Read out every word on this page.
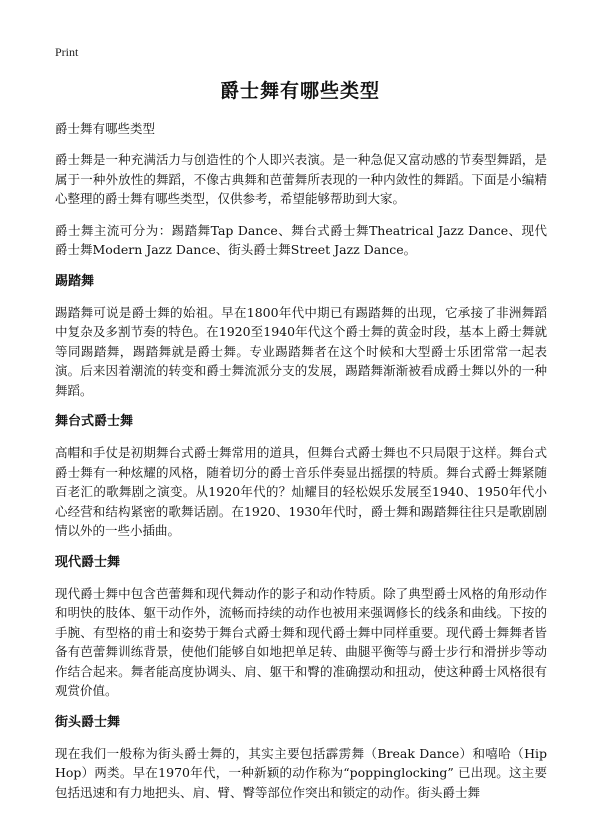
Print
爵士舞有哪些类型
爵士舞有哪些类型

爵士舞是一种充满活力与创造性的个人即兴表演。是一种急促又富动感的节奏型舞蹈，是属于一种外放性的舞蹈，不像古典舞和芭蕾舞所表现的一种内敛性的舞蹈。下面是小编精心整理的爵士舞有哪些类型，仅供参考，希望能够帮助到大家。

爵士舞主流可分为：踢踏舞Tap Dance、舞台式爵士舞Theatrical Jazz Dance、现代爵士舞Modern Jazz Dance、街头爵士舞Street Jazz Dance。

踢踏舞

踢踏舞可说是爵士舞的始祖。早在1800年代中期已有踢踏舞的出现，它承接了非洲舞蹈中复杂及多割节奏的特色。在1920至1940年代这个爵士舞的黄金时段，基本上爵士舞就等同踢踏舞，踢踏舞就是爵士舞。专业踢踏舞者在这个时候和大型爵士乐团常常一起表演。后来因着潮流的转变和爵士舞流派分支的发展，踢踏舞渐渐被看成爵士舞以外的一种舞蹈。

舞台式爵士舞

高帽和手仗是初期舞台式爵士舞常用的道具，但舞台式爵士舞也不只局限于这样。舞台式爵士舞有一种炫耀的风格，随着切分的爵士音乐伴奏显出摇摆的特质。舞台式爵士舞紧随百老汇的歌舞剧之演变。从1920年代的？灿耀目的轻松娱乐发展至1940、1950年代小心经营和结构紧密的歌舞话剧。在1920、1930年代时，爵士舞和踢踏舞往往只是歌剧剧情以外的一些小插曲。

现代爵士舞

现代爵士舞中包含芭蕾舞和现代舞动作的影子和动作特质。除了典型爵士风格的角形动作和明快的肢体、躯干动作外，流畅而持续的动作也被用来强调修长的线条和曲线。下按的手腕、有型格的甫士和姿势于舞台式爵士舞和现代爵士舞中同样重要。现代爵士舞舞者皆备有芭蕾舞训练背景，使他们能够自如地把单足转、曲腿平衡等与爵士步行和滑拼步等动作结合起来。舞者能高度协调头、肩、躯干和臀的准确摆动和扭动，使这种爵士风格很有观赏价值。

街头爵士舞

现在我们一般称为街头爵士舞的，其实主要包括霹雳舞（Break Dance）和嘻哈（Hip Hop）两类。早在1970年代，一种新颖的动作称为“poppinglocking” 已出现。这主要包括迅速和有力地把头、肩、臂、臀等部位作突出和锁定的动作。街头爵士舞
